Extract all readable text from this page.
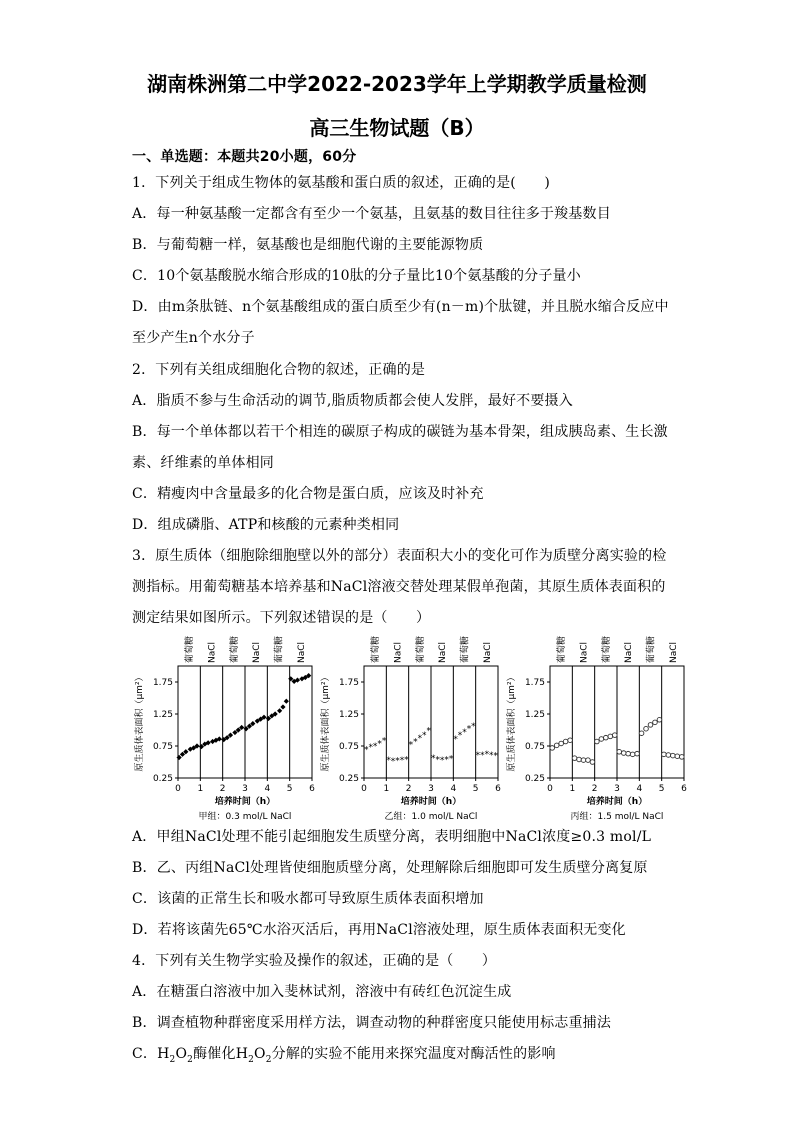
湖南株洲第二中学2022-2023学年上学期教学质量检测
高三生物试题（B）
一、单选题：本题共20小题，60分
1．下列关于组成生物体的氨基酸和蛋白质的叙述，正确的是(　　)
A．每一种氨基酸一定都含有至少一个氨基，且氨基的数目往往多于羧基数目
B．与葡萄糖一样，氨基酸也是细胞代谢的主要能源物质
C．10个氨基酸脱水缩合形成的10肽的分子量比10个氨基酸的分子量小
D．由m条肽链、n个氨基酸组成的蛋白质至少有(n－m)个肽键，并且脱水缩合反应中
至少产生n个水分子
2．下列有关组成细胞化合物的叙述，正确的是
A．脂质不参与生命活动的调节,脂质物质都会使人发胖，最好不要摄入
B．每一个单体都以若干个相连的碳原子构成的碳链为基本骨架，组成胰岛素、生长激
素、纤维素的单体相同
C．精瘦肉中含量最多的化合物是蛋白质，应该及时补充
D．组成磷脂、ATP和核酸的元素种类相同
3．原生质体（细胞除细胞壁以外的部分）表面积大小的变化可作为质壁分离实验的检
测指标。用葡萄糖基本培养基和NaCl溶液交替处理某假单孢菌，其原生质体表面积的
测定结果如图所示。下列叙述错误的是（　　）
葡萄糖 NaCl 葡萄糖 NaCl 葡萄糖 NaCl
0 1 2 3 4 5 6
0.25
0.75
1.25
1.75
原生质体表面积（μm²）
培养时间（h）
甲组：0.3 mol/L NaCl
葡萄糖 NaCl 葡萄糖 NaCl 葡萄糖 NaCl
0 1 2 3 4 5 6
0.25
0.75
1.25
1.75
原生质体表面积（μm²）
培养时间（h）
乙组：1.0 mol/L NaCl
* * * * *
* * * * *
* * * * *
* * * * *
* * * * *
* * * * *
葡萄糖 NaCl 葡萄糖 NaCl 葡萄糖 NaCl
0 1 2 3 4 5 6
0.25
0.75
1.25
1.75
原生质体表面积（μm²）
培养时间（h）
丙组：1.5 mol/L NaCl
A．甲组NaCl处理不能引起细胞发生质壁分离，表明细胞中NaCl浓度≥0.3 mol/L
B．乙、丙组NaCl处理皆使细胞质壁分离，处理解除后细胞即可发生质壁分离复原
C．该菌的正常生长和吸水都可导致原生质体表面积增加
D．若将该菌先65℃水浴灭活后，再用NaCl溶液处理，原生质体表面积无变化
4．下列有关生物学实验及操作的叙述，正确的是（　　）
A．在糖蛋白溶液中加入斐林试剂，溶液中有砖红色沉淀生成
B．调查植物种群密度采用样方法，调查动物的种群密度只能使用标志重捕法
C．$H_2O_2$酶催化$H_2O_2$分解的实验不能用来探究温度对酶活性的影响
